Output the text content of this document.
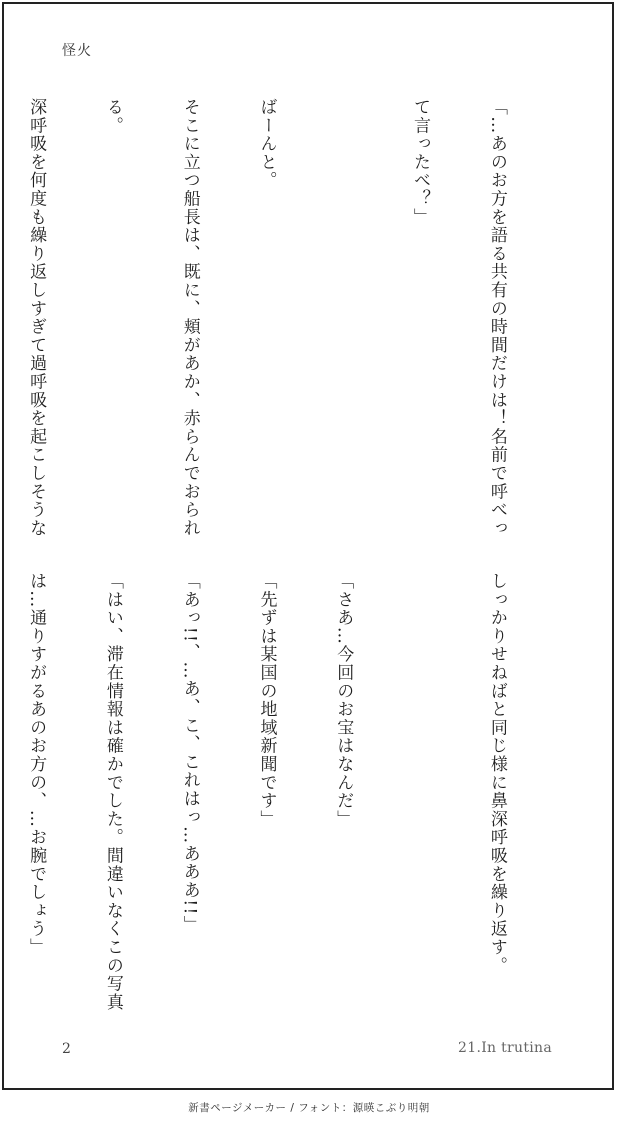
怪火

「…あのお方を語る共有の時間だけは！名前で呼べっ

て言ったべ？」

ばーんと。

そこに立つ船長は、既に、頬があか、赤らんでおられ

る。

深呼吸を何度も繰り返しすぎて過呼吸を起こしそうな

しっかりせねばと同じ様に鼻深呼吸を繰り返す。

「さあ…今回のお宝はなんだ」

「先ずは某国の地域新聞です」

「あっ!!、…あ、こ、これはっ…あああ!!」

「はい、滞在情報は確かでした。間違いなくこの写真

は…通りすがるあのお方の、…お腕でしょう」

2	21.In trutina
新書ページメーカー / フォント：源暎こぶり明朝
